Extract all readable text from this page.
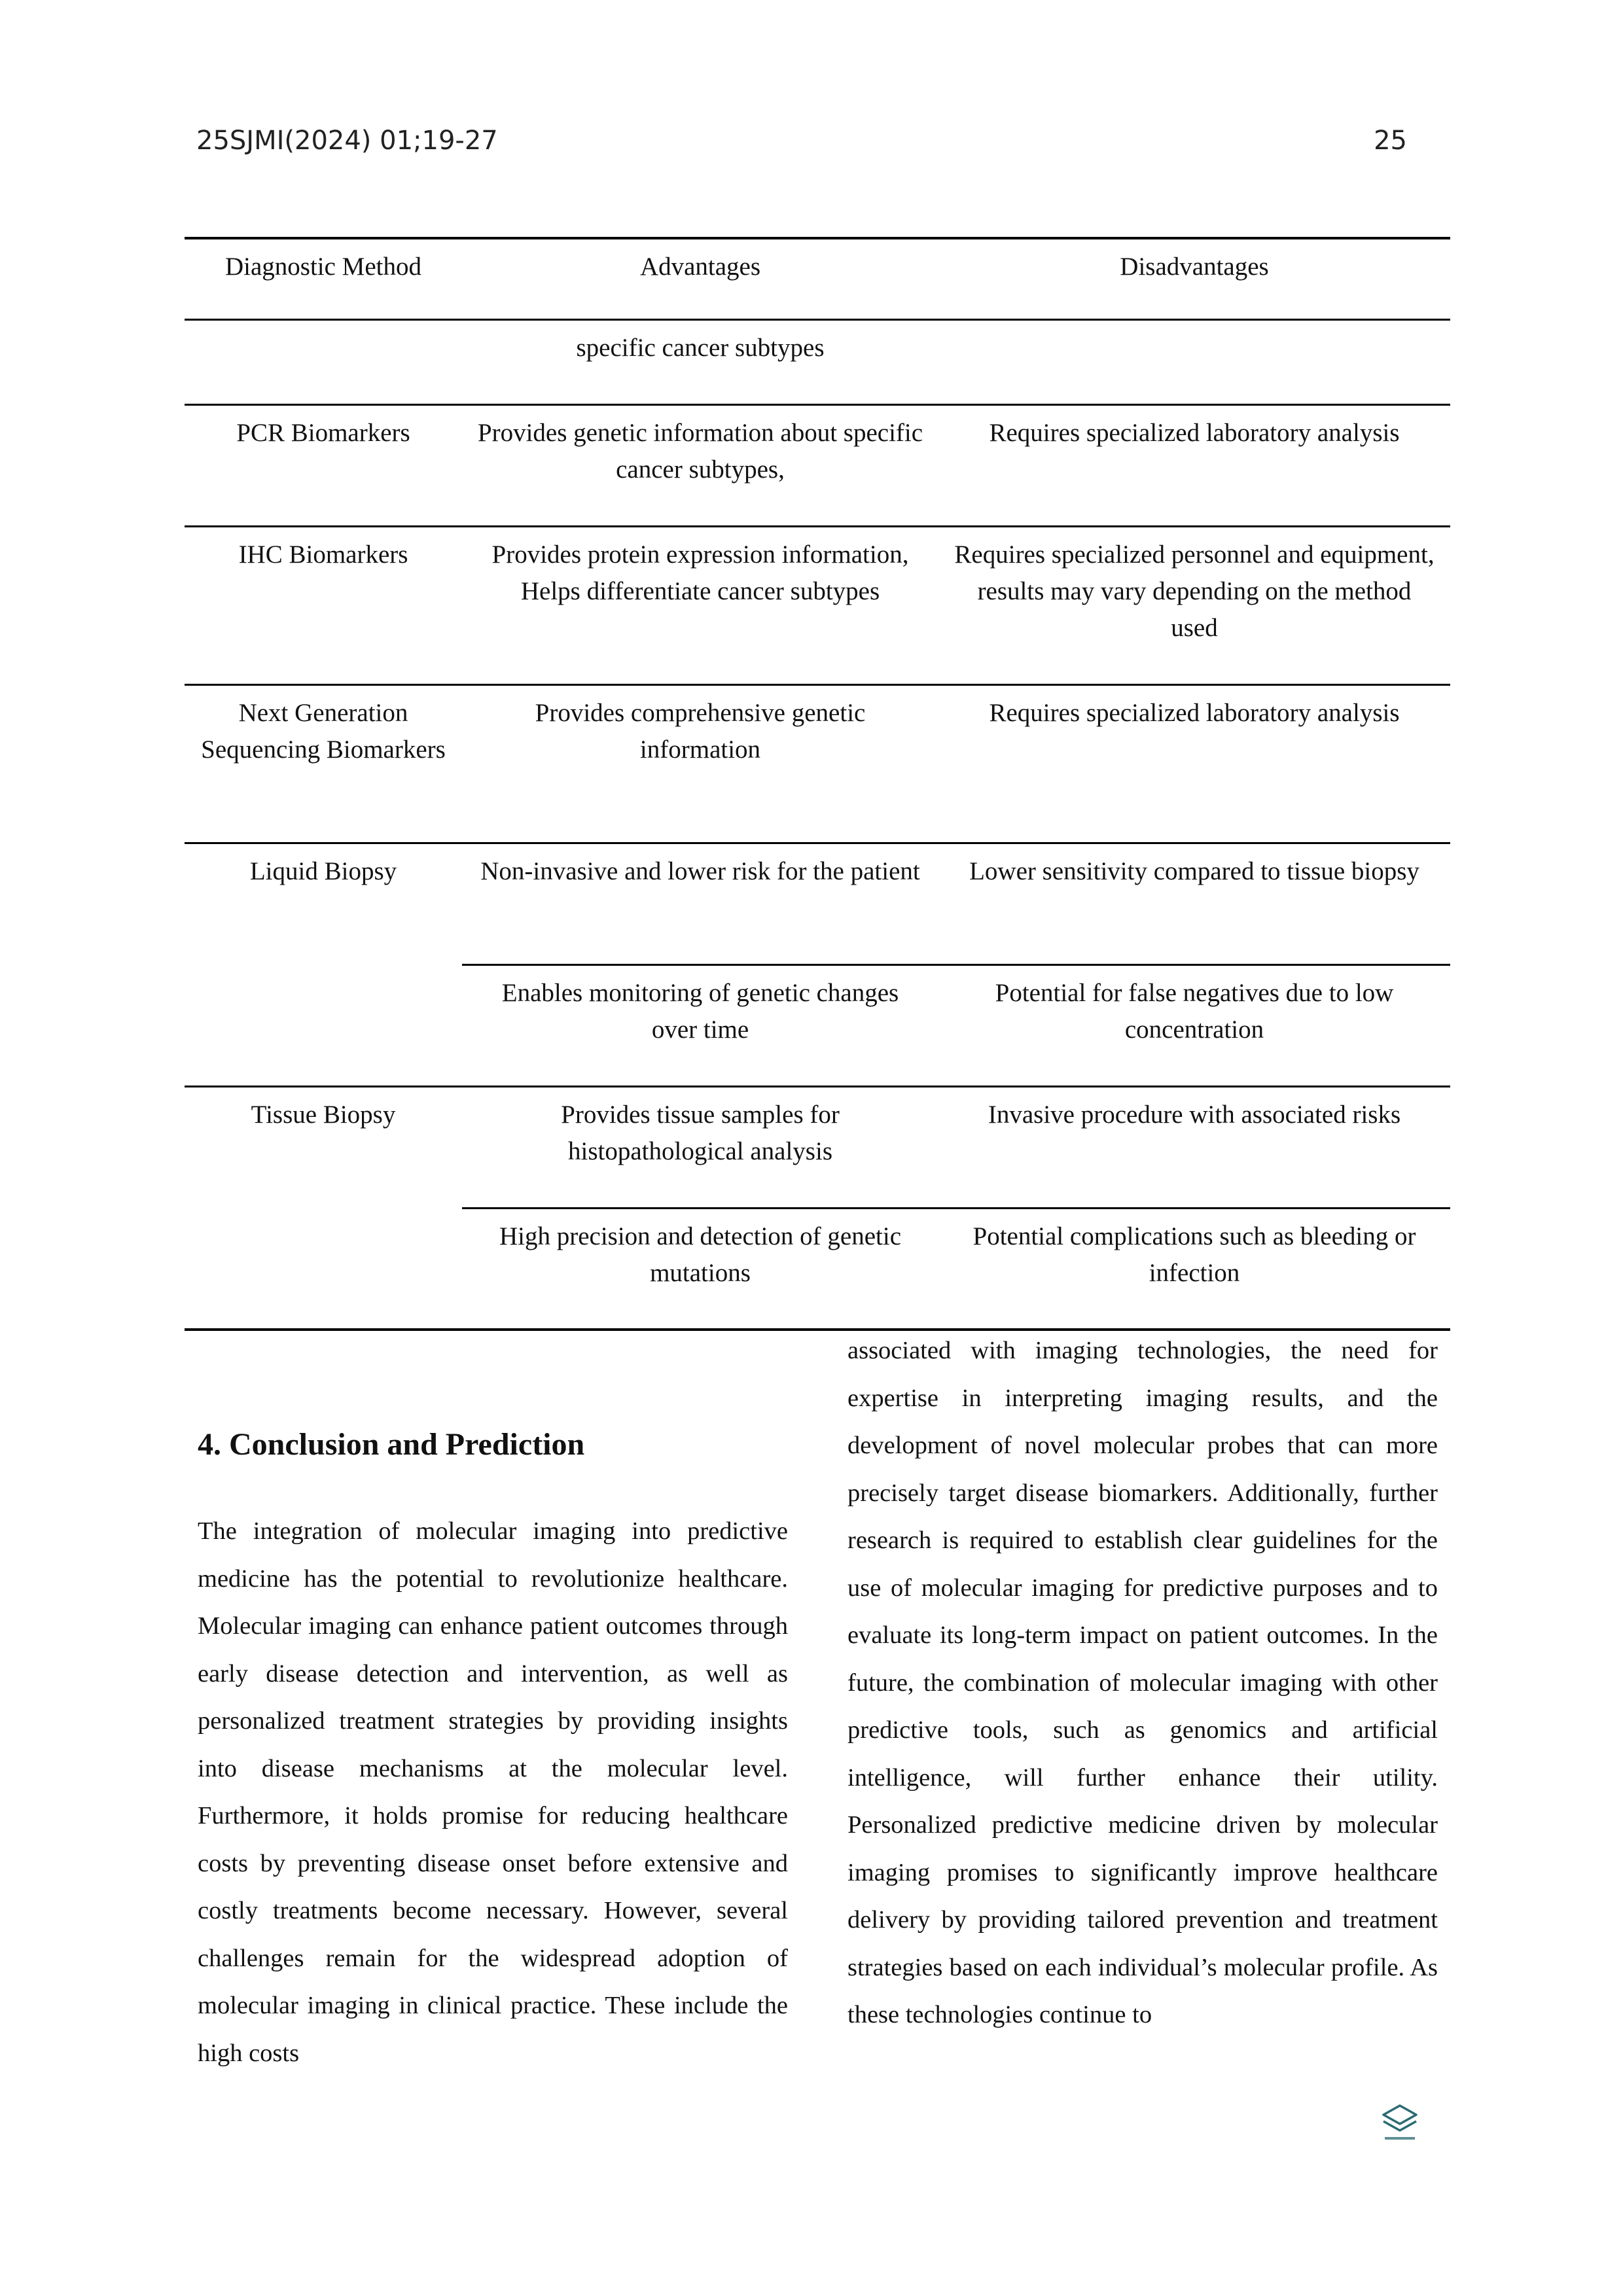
25SJMI(2024) 01;19-27	25
Diagnostic Method	Advantages	Disadvantages
	specific cancer subtypes	
PCR Biomarkers	Provides genetic information about specific cancer subtypes,	Requires specialized laboratory analysis
IHC Biomarkers	Provides protein expression information, Helps differentiate cancer subtypes	Requires specialized personnel and equipment, results may vary depending on the method used
Next Generation Sequencing Biomarkers	Provides comprehensive genetic information	Requires specialized laboratory analysis
Liquid Biopsy	Non-invasive and lower risk for the patient	Lower sensitivity compared to tissue biopsy
	Enables monitoring of genetic changes over time	Potential for false negatives due to low concentration
Tissue Biopsy	Provides tissue samples for histopathological analysis	Invasive procedure with associated risks
	High precision and detection of genetic mutations	Potential complications such as bleeding or infection
4. Conclusion and Prediction

The integration of molecular imaging into predictive medicine has the potential to revolutionize healthcare. Molecular imaging can enhance patient outcomes through early disease detection and intervention, as well as personalized treatment strategies by providing insights into disease mechanisms at the molecular level. Furthermore, it holds promise for reducing healthcare costs by preventing disease onset before extensive and costly treatments become necessary. However, several challenges remain for the widespread adoption of molecular imaging in clinical practice. These include the high costs

associated with imaging technologies, the need for expertise in interpreting imaging results, and the development of novel molecular probes that can more precisely target disease biomarkers. Additionally, further research is required to establish clear guidelines for the use of molecular imaging for predictive purposes and to evaluate its long-term impact on patient outcomes. In the future, the combination of molecular imaging with other predictive tools, such as genomics and artificial intelligence, will further enhance their utility. Personalized predictive medicine driven by molecular imaging promises to significantly improve healthcare delivery by providing tailored prevention and treatment strategies based on each individual’s molecular profile. As these technologies continue to
